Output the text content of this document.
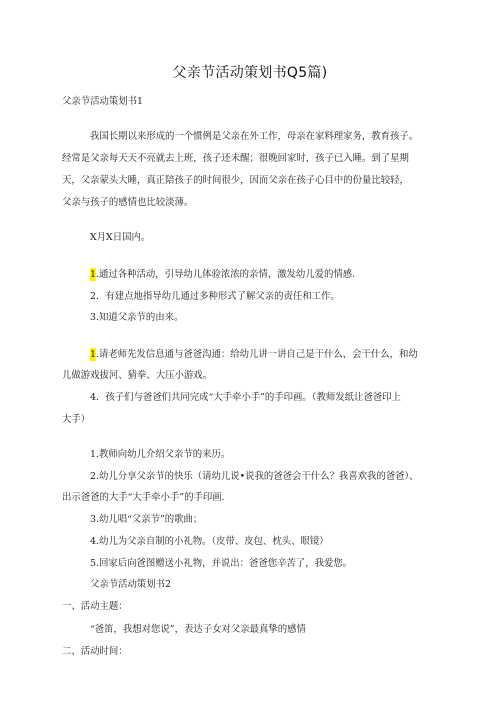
父亲节活动策划书Q5篇)
父亲节活动策划书1
我国长期以来形成的一个惯例是父亲在外工作，母亲在家料理家务，教育孩子。
经常是父亲每天天不亮就去上班，孩子还未醒；很晚回家时，孩子已入睡。到了星期
天，父亲蒙头大睡，真正陪孩子的时间很少，因而父亲在孩子心目中的份量比较轻，
父亲与孩子的感情也比较淡薄。
X月X日国内。
1.通过各种活动，引导幼儿体验浓浓的亲情，激发幼儿爱的情感.
2．有建点地指导幼儿通过多种形式了解父亲的责任和工作。
3.知道父亲节的由来。
1.请老师先发信息通与爸爸沟通：给幼儿讲一讲自己是干什么，会干什么，和幼
儿做游戏拔河、猜拳、大压小游戏。
4．孩子们与爸爸们共同完成“大手牵小手”的手印画。（教师发纸让爸爸印上
大手）
1.教师向幼儿介绍父亲节的来历。
2.幼儿分享父亲节的快乐（请幼儿说•说我的爸爸会干什么？我喜欢我的爸爸）、
出示爸爸的大手“大手牵小手”的手印画.
3.幼儿唱“父亲节”的歌曲；
4.幼儿为父亲自制的小礼物。（皮带、皮包、枕头、眼镜）
5.回家后向爸图赠送小礼物，并说出：爸爸您辛苦了，我爱您。
父亲节活动策划书2
一、活动主题：
“爸笛，我想对您说”，表达子女对父亲最真挚的感情
二、活动时间：
